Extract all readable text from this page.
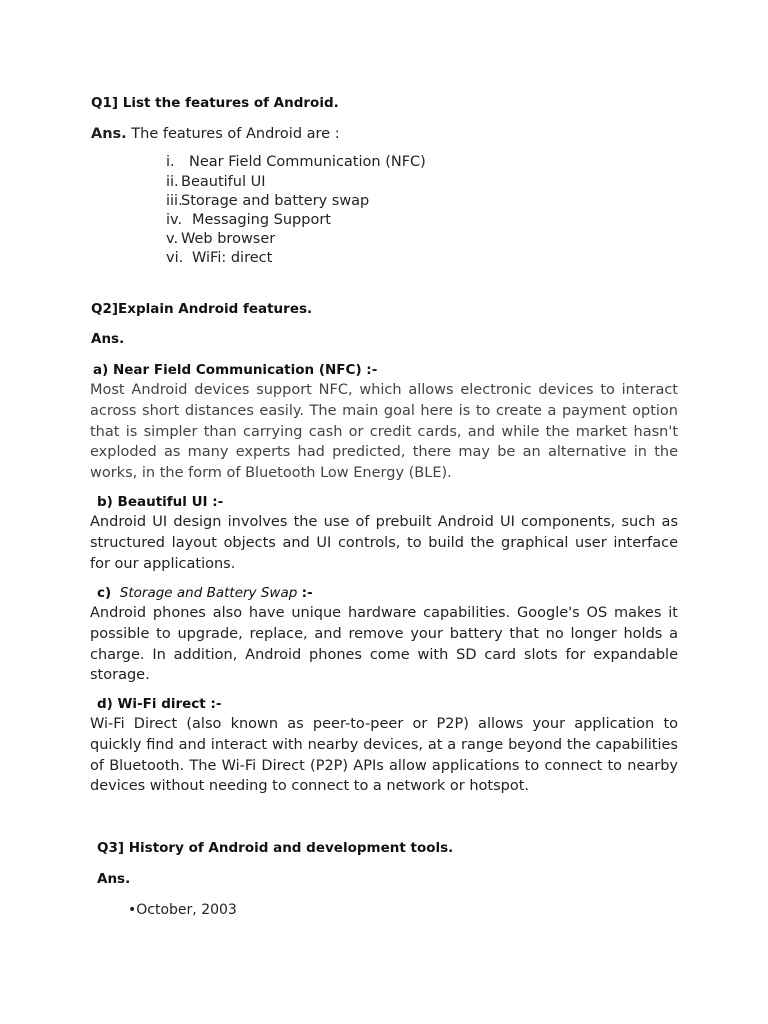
Q1] List the features of Android.
Ans. The features of Android are :
i. Near Field Communication (NFC)
ii. Beautiful UI
iii.
Storage and battery swap
iv. Messaging Support
v. Web browser
vi. WiFi: direct
Q2]Explain Android features.
Ans.
a) Near Field Communication (NFC) :-
Most Android devices support NFC, which allows electronic devices to interact across short distances easily. The main goal here is to create a payment option that is simpler than carrying cash or credit cards, and while the market hasn't exploded as many experts had predicted, there may be an alternative in the works, in the form of Bluetooth Low Energy (BLE).
b) Beautiful UI :-
Android UI design involves the use of prebuilt Android UI components, such as structured layout objects and UI controls, to build the graphical user interface for our applications.
c) Storage and Battery Swap :-
Android phones also have unique hardware capabilities. Google's OS makes it possible to upgrade, replace, and remove your battery that no longer holds a charge. In addition, Android phones come with SD card slots for expandable storage.
d) Wi-Fi direct :-
Wi-Fi Direct (also known as peer-to-peer or P2P) allows your application to quickly find and interact with nearby devices, at a range beyond the capabilities of Bluetooth. The Wi-Fi Direct (P2P) APIs allow applications to connect to nearby devices without needing to connect to a network or hotspot.
Q3] History of Android and development tools.
Ans.
•October, 2003
